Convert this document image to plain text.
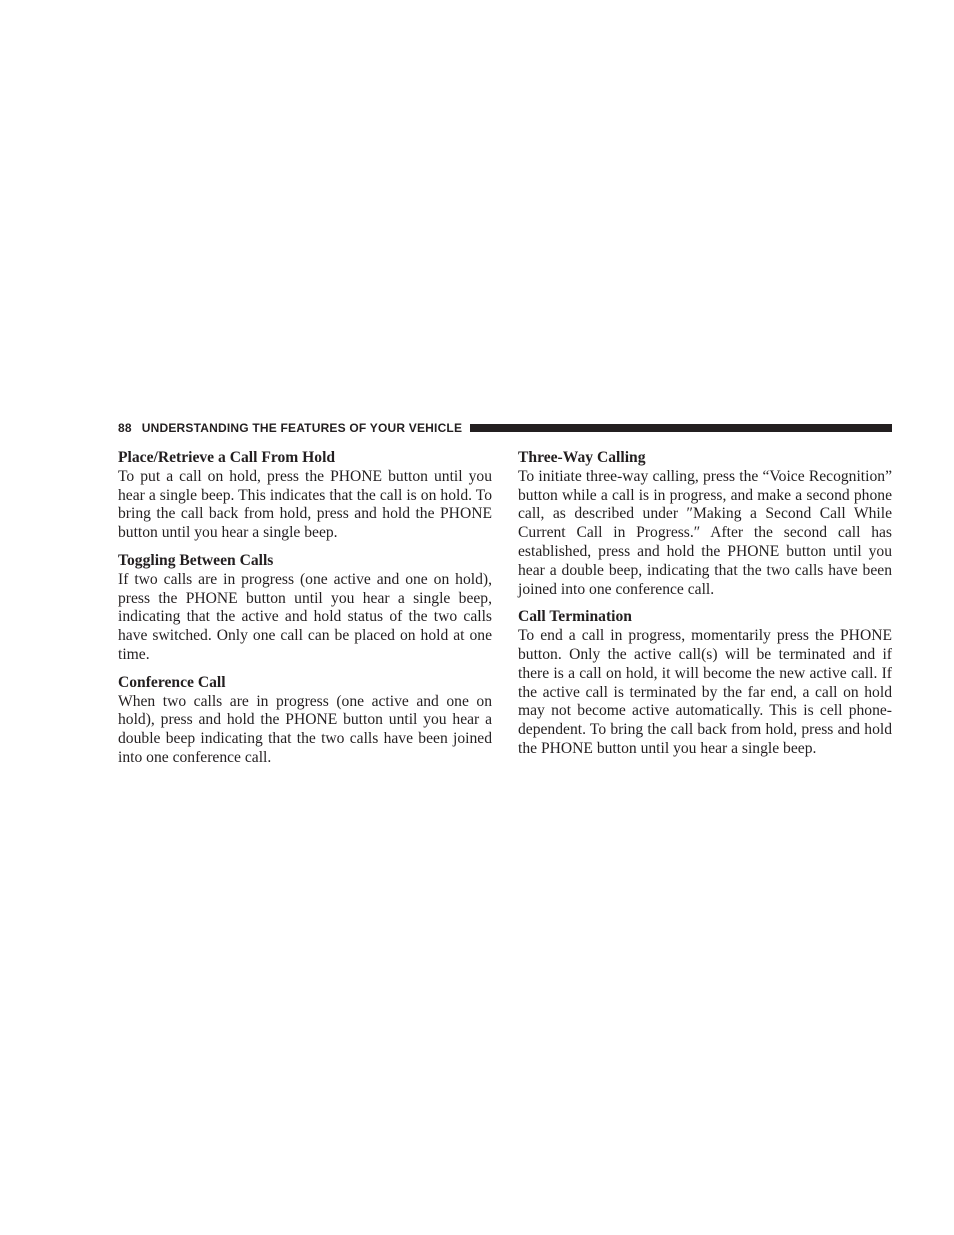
88 UNDERSTANDING THE FEATURES OF YOUR VEHICLE
Place/Retrieve a Call From Hold

To put a call on hold, press the PHONE button until you hear a single beep. This indicates that the call is on hold. To bring the call back from hold, press and hold the PHONE button until you hear a single beep.

Toggling Between Calls

If two calls are in progress (one active and one on hold), press the PHONE button until you hear a single beep, indicating that the active and hold status of the two calls have switched. Only one call can be placed on hold at one time.

Conference Call

When two calls are in progress (one active and one on hold), press and hold the PHONE button until you hear a double beep indicating that the two calls have been joined into one conference call.

Three-Way Calling

To initiate three-way calling, press the “Voice Recognition” button while a call is in progress, and make a second phone call, as described under ″Making a Second Call While Current Call in Progress.″ After the second call has established, press and hold the PHONE button until you hear a double beep, indicating that the two calls have been joined into one conference call.

Call Termination

To end a call in progress, momentarily press the PHONE button. Only the active call(s) will be terminated and if there is a call on hold, it will become the new active call. If the active call is terminated by the far end, a call on hold may not become active automatically. This is cell phone-dependent. To bring the call back from hold, press and hold the PHONE button until you hear a single beep.
